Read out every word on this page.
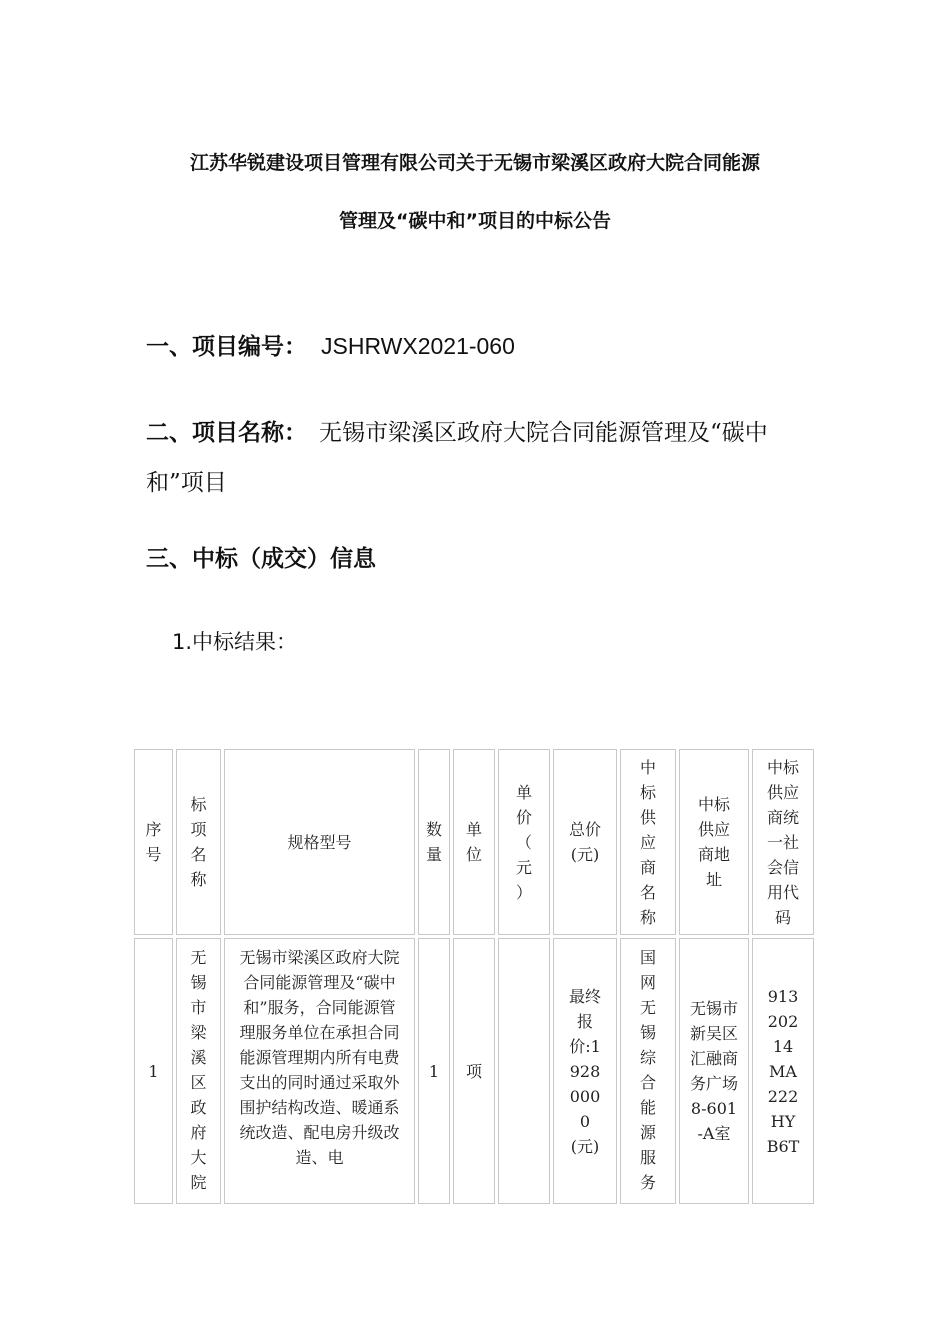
江苏华锐建设项目管理有限公司关于无锡市梁溪区政府大院合同能源
管理及“碳中和”项目的中标公告
一、项目编号： JSHRWX2021-060
二、项目名称： 无锡市梁溪区政府大院合同能源管理及“碳中和”项目
三、中标（成交）信息
1.中标结果：
序号	标项名称	规格型号	数量	单位	单价（元）	总价(元)	中标供应商名称	中标供应商地址	中标供应商统一社会信用代码
1	无锡市梁溪区政府大院	无锡市梁溪区政府大院合同能源管理及“碳中和”服务，合同能源管理服务单位在承担合同能源管理期内所有电费支出的同时通过采取外围护结构改造、暖通系统改造、配电房升级改造、电	1	项		最终报价:19280000(元)	国网无锡综合能源服务	无锡市新吴区汇融商务广场8-601-A室	91320214MA222HYB6T
